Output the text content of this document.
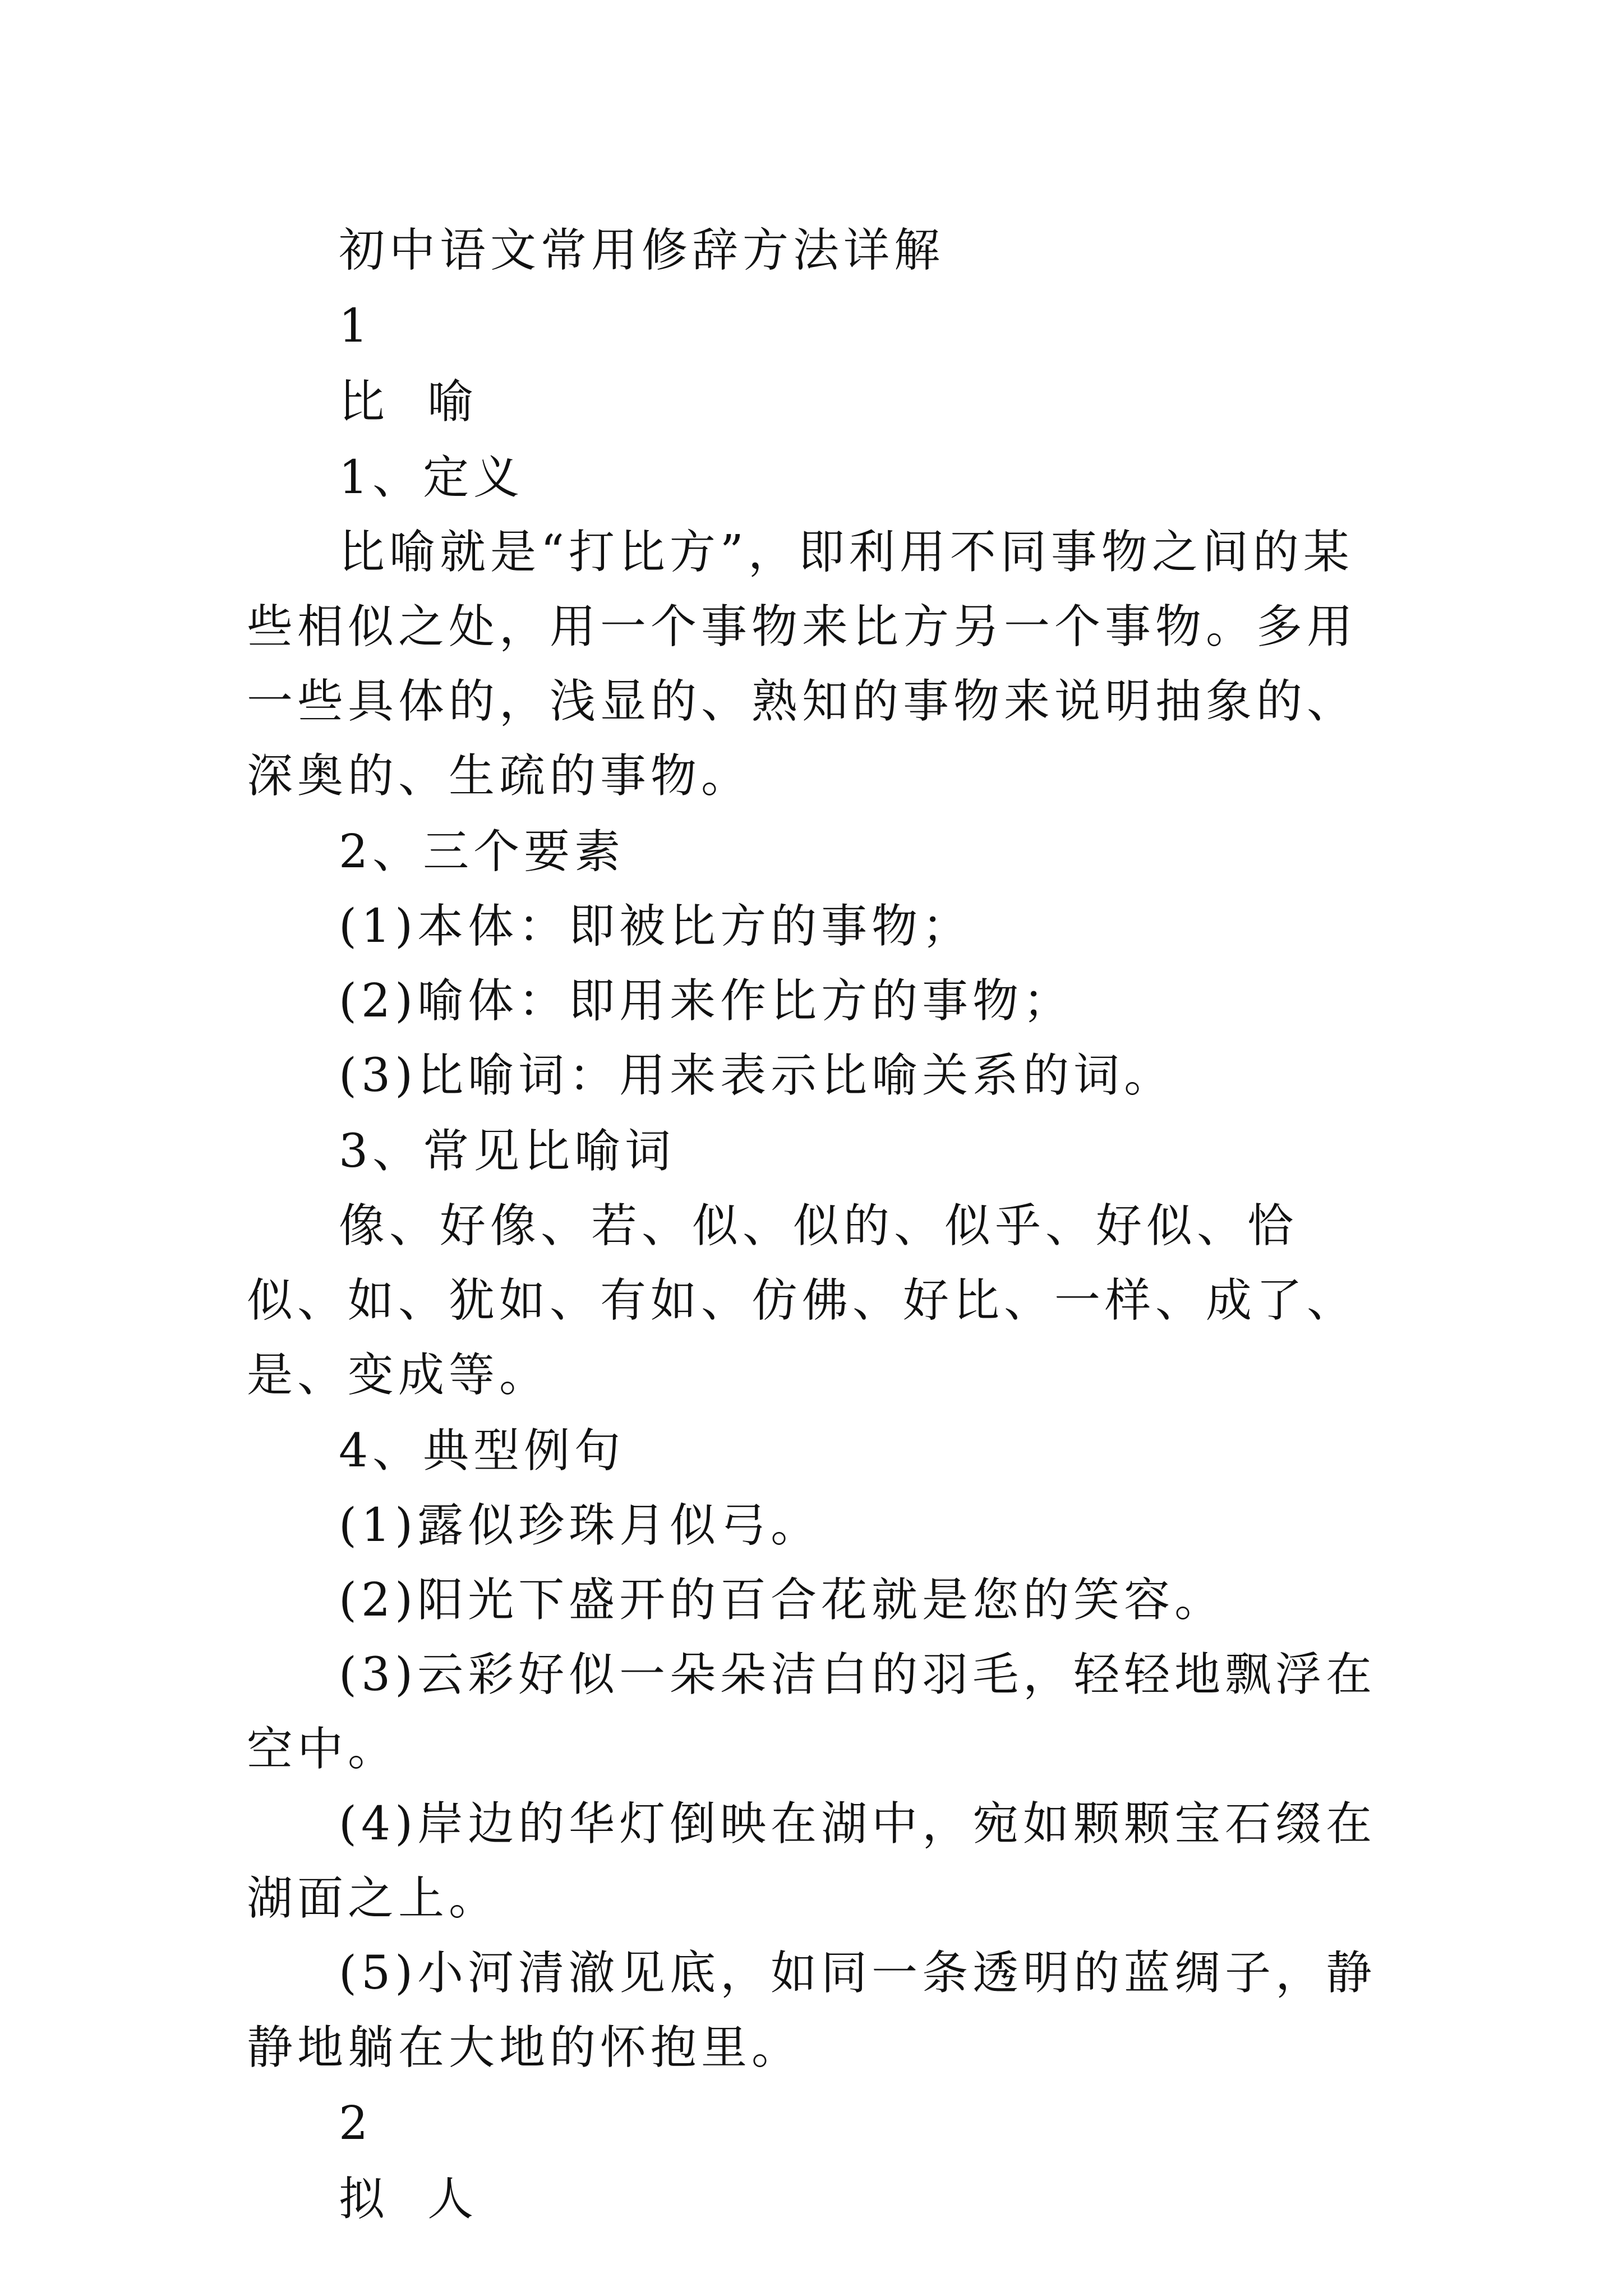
初中语文常用修辞方法详解

1

比  喻

1、定义

比喻就是“打比方”，即利用不同事物之间的某些相似之处，用一个事物来比方另一个事物。多用一些具体的，浅显的、熟知的事物来说明抽象的、深奥的、生疏的事物。

2、三个要素

(1)本体：即被比方的事物；

(2)喻体：即用来作比方的事物；

(3)比喻词：用来表示比喻关系的词。

3、常见比喻词

像、好像、若、似、似的、似乎、好似、恰似、如、犹如、有如、仿佛、好比、一样、成了、是、变成等。

4、典型例句

(1)露似珍珠月似弓。

(2)阳光下盛开的百合花就是您的笑容。

(3)云彩好似一朵朵洁白的羽毛，轻轻地飘浮在空中。

(4)岸边的华灯倒映在湖中，宛如颗颗宝石缀在湖面之上。

(5)小河清澈见底，如同一条透明的蓝绸子，静静地躺在大地的怀抱里。

2

拟  人
